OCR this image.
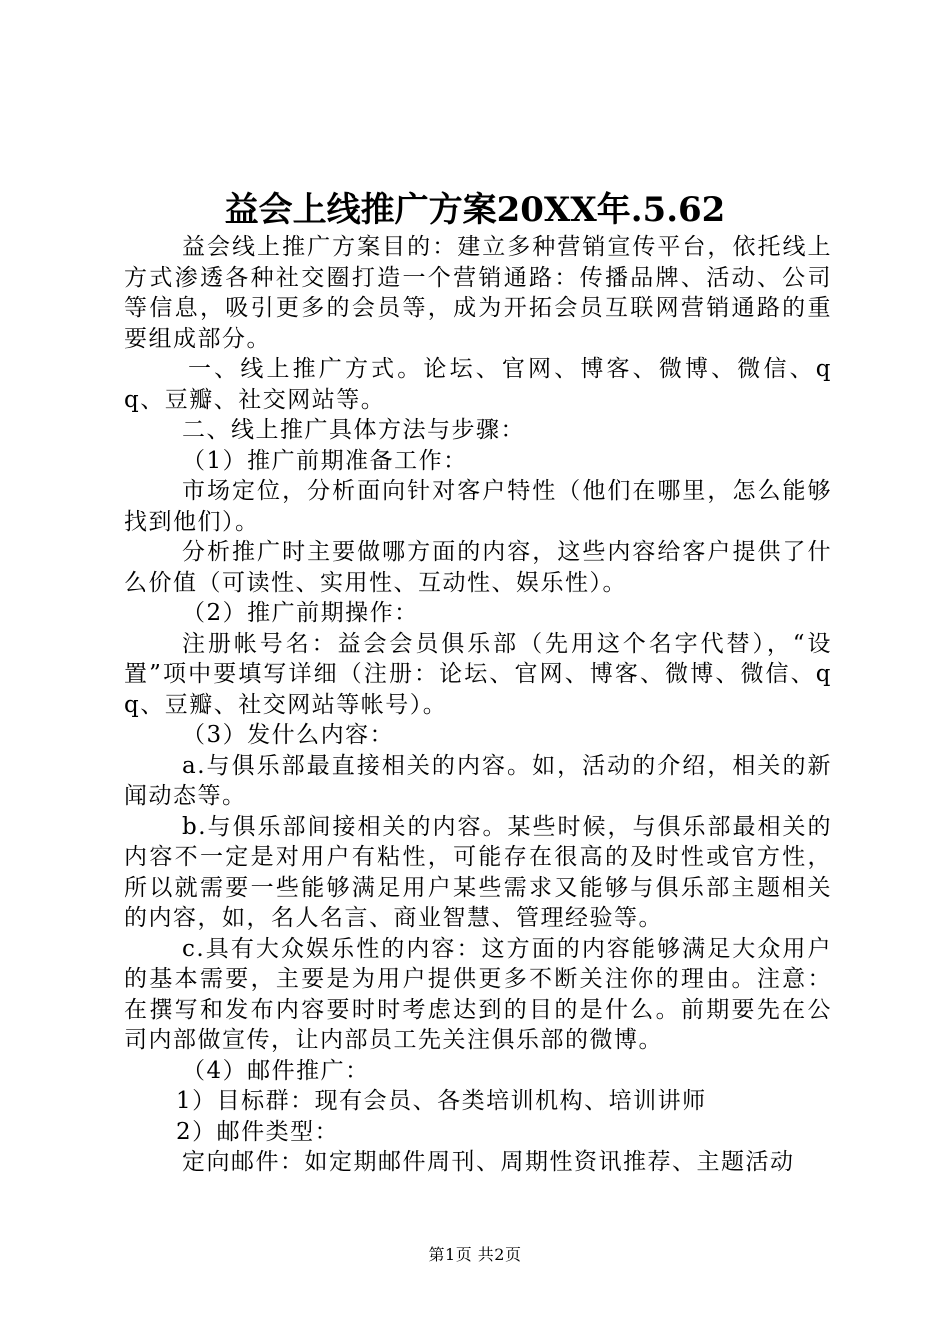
益会上线推广方案20XX年.5.62

益会线上推广方案目的：建立多种营销宣传平台，依托线上方式渗透各种社交圈打造一个营销通路：传播品牌、活动、公司等信息，吸引更多的会员等，成为开拓会员互联网营销通路的重要组成部分。

一、线上推广方式。论坛、官网、博客、微博、微信、qq、豆瓣、社交网站等。

二、线上推广具体方法与步骤：

（1）推广前期准备工作：

市场定位，分析面向针对客户特性（他们在哪里，怎么能够找到他们）。

分析推广时主要做哪方面的内容，这些内容给客户提供了什么价值（可读性、实用性、互动性、娱乐性）。

（2）推广前期操作：

注册帐号名：益会会员俱乐部（先用这个名字代替），“设置”项中要填写详细（注册：论坛、官网、博客、微博、微信、qq、豆瓣、社交网站等帐号）。

（3）发什么内容：

a.与俱乐部最直接相关的内容。如，活动的介绍，相关的新闻动态等。

b.与俱乐部间接相关的内容。某些时候，与俱乐部最相关的内容不一定是对用户有粘性，可能存在很高的及时性或官方性，所以就需要一些能够满足用户某些需求又能够与俱乐部主题相关的内容，如，名人名言、商业智慧、管理经验等。

c.具有大众娱乐性的内容：这方面的内容能够满足大众用户的基本需要，主要是为用户提供更多不断关注你的理由。注意：在撰写和发布内容要时时考虑达到的目的是什么。前期要先在公司内部做宣传，让内部员工先关注俱乐部的微博。

（4）邮件推广：

1）目标群：现有会员、各类培训机构、培训讲师

2）邮件类型：

定向邮件：如定期邮件周刊、周期性资讯推荐、主题活动

第1页 共2页
